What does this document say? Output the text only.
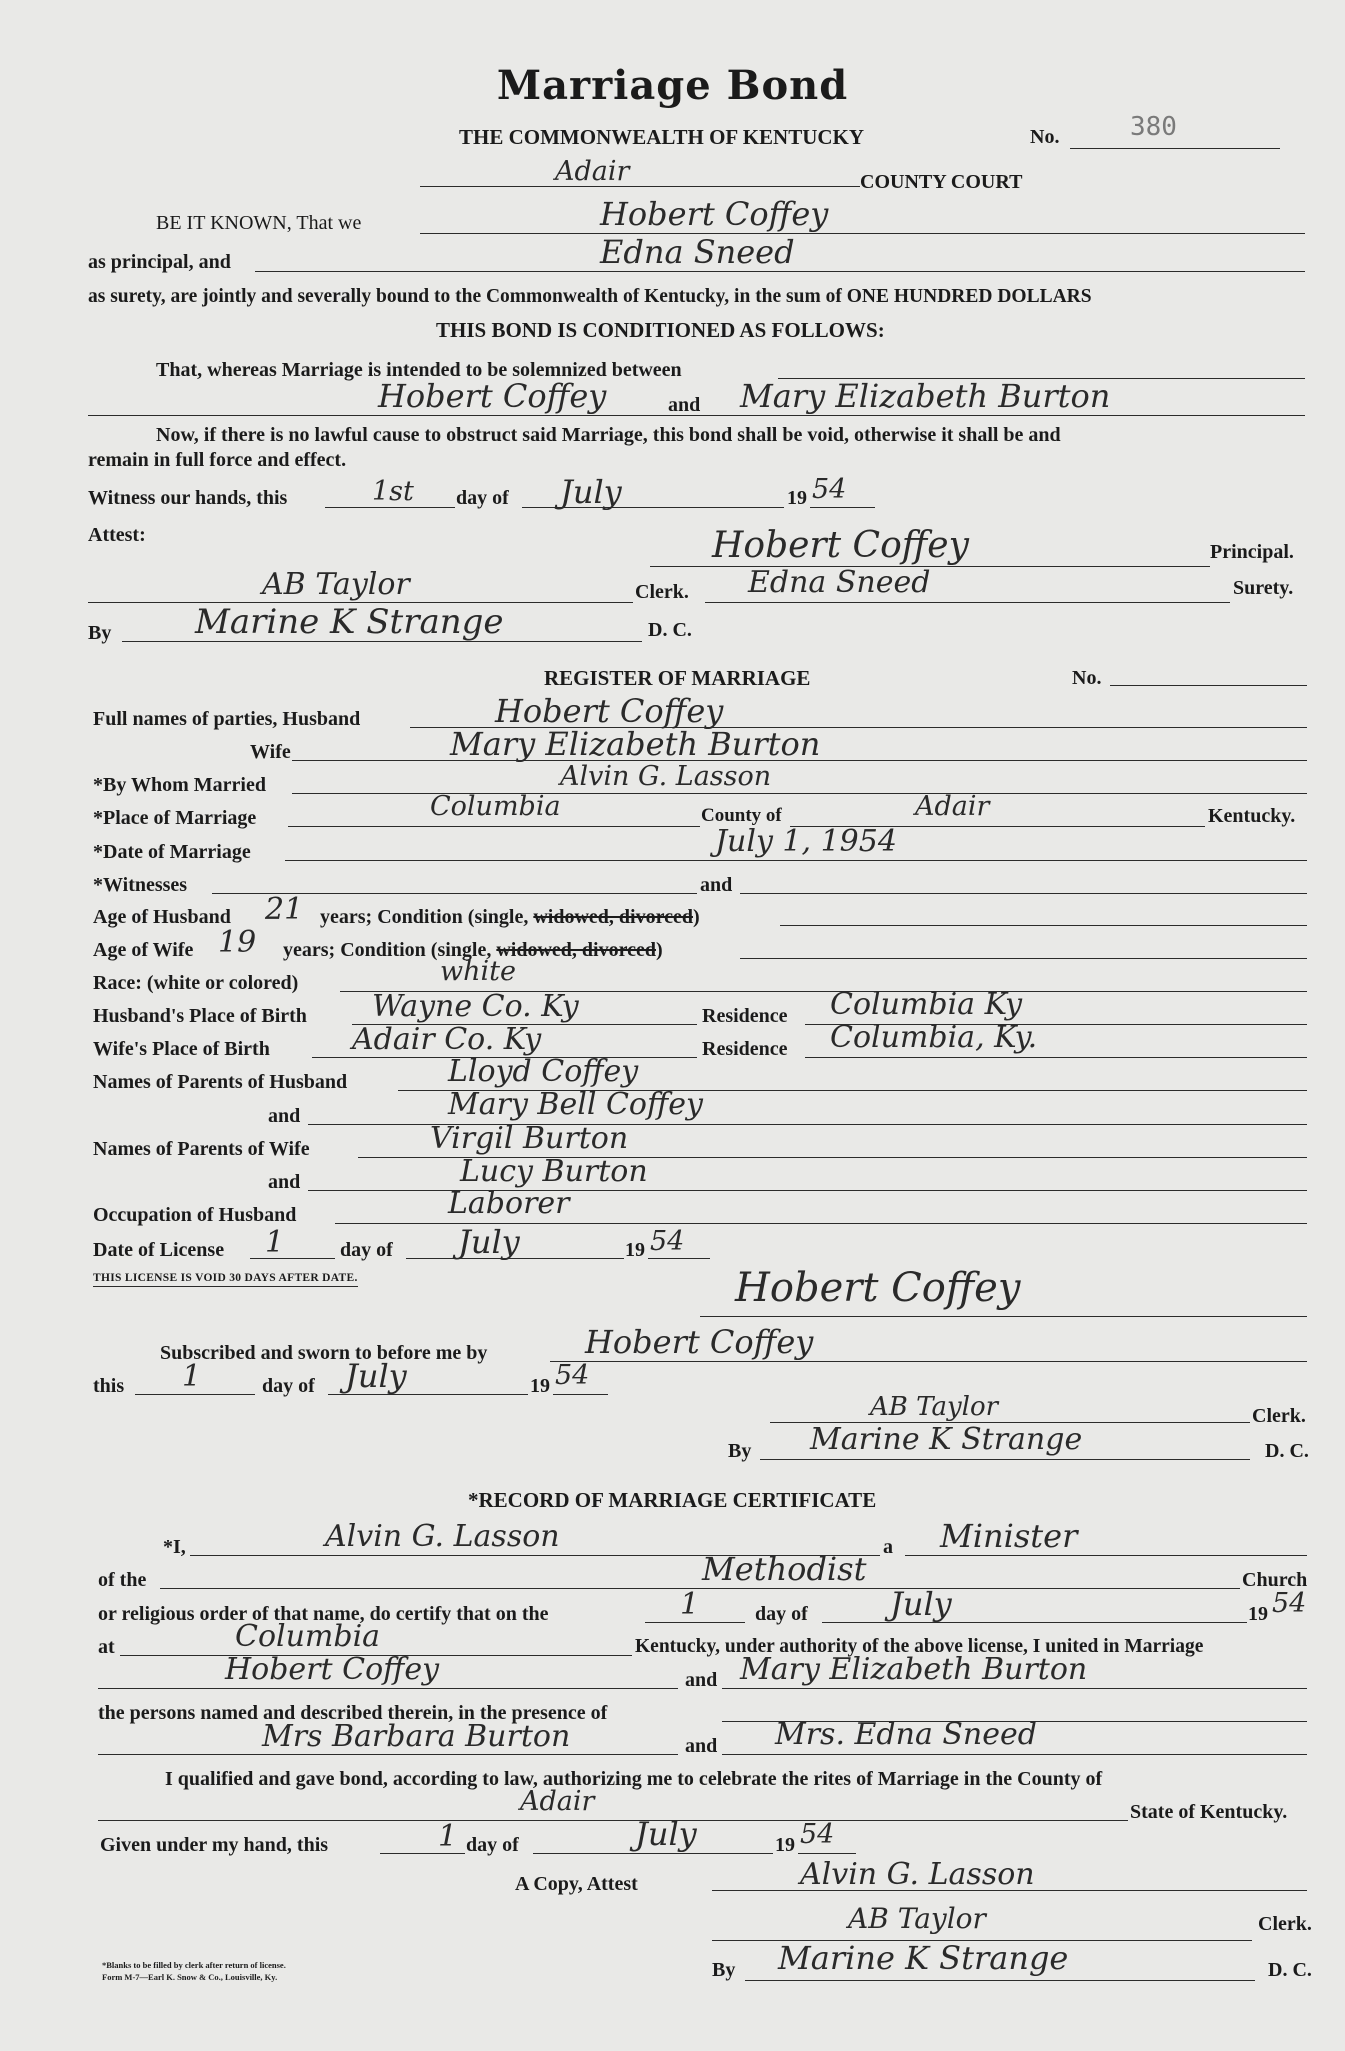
Marriage Bond
THE COMMONWEALTH OF KENTUCKY	No.	380
Adair	COUNTY COURT
BE IT KNOWN, That we	Hobert Coffey
as principal, and	Edna Sneed
as surety, are jointly and severally bound to the Commonwealth of Kentucky, in the sum of ONE HUNDRED DOLLARS
THIS BOND IS CONDITIONED AS FOLLOWS:
That, whereas Marriage is intended to be solemnized between
Hobert Coffey	and Mary Elizabeth Burton
Now, if there is no lawful cause to obstruct said Marriage, this bond shall be void, otherwise it shall be and
remain in full force and effect.
Witness our hands, this	1st day of July	19 54
Attest:	Hobert Coffey	Principal.
AB Taylor	Clerk. Edna Sneed	Surety.
By Marine K Strange	D. C.
REGISTER OF MARRIAGE	No.
Full names of parties, Husband	Hobert Coffey
Wife	Mary Elizabeth Burton
*By Whom Married	Alvin G. Lasson
*Place of Marriage	Columbia	County of	Adair	Kentucky.
*Date of Marriage	July 1, 1954
*Witnesses	and
Age of Husband 21 years; Condition (single, widowed, divorced)
Age of Wife 19 years; Condition (single, widowed, divorced)
Race: (white or colored)	white
Husband's Place of Birth Wayne Co. Ky	Residence Columbia Ky
Wife's Place of Birth	Adair Co. Ky	Residence Columbia, Ky.
Names of Parents of Husband	Lloyd Coffey
and	Mary Bell Coffey
Names of Parents of Wife	Virgil Burton
and	Lucy Burton
Occupation of Husband	Laborer
Date of License 1	day of July	19 54
THIS LICENSE IS VOID 30 DAYS AFTER DATE.	Hobert Coffey
Subscribed and sworn to before me by	Hobert Coffey
this 1	day of July	19 54
AB Taylor	Clerk.
By Marine K Strange	D. C.
*RECORD OF MARRIAGE CERTIFICATE
*I,	Alvin G. Lasson	a Minister
of the	Methodist	Church
or religious order of that name, do certify that on the	1	day of	July	19 54
at	Columbia	Kentucky, under authority of the above license, I united in Marriage
Hobert Coffey	and Mary Elizabeth Burton
the persons named and described therein, in the presence of
Mrs Barbara Burton	and Mrs. Edna Sneed
I qualified and gave bond, according to law, authorizing me to celebrate the rites of Marriage in the County of
Adair	State of Kentucky.
Given under my hand, this	1 day of	July	19 54
A Copy, Attest	Alvin G. Lasson
AB Taylor	Clerk.
By Marine K Strange	D. C.
*Blanks to be filled by clerk after return of license.
Form M-7—Earl K. Snow & Co., Louisville, Ky.
